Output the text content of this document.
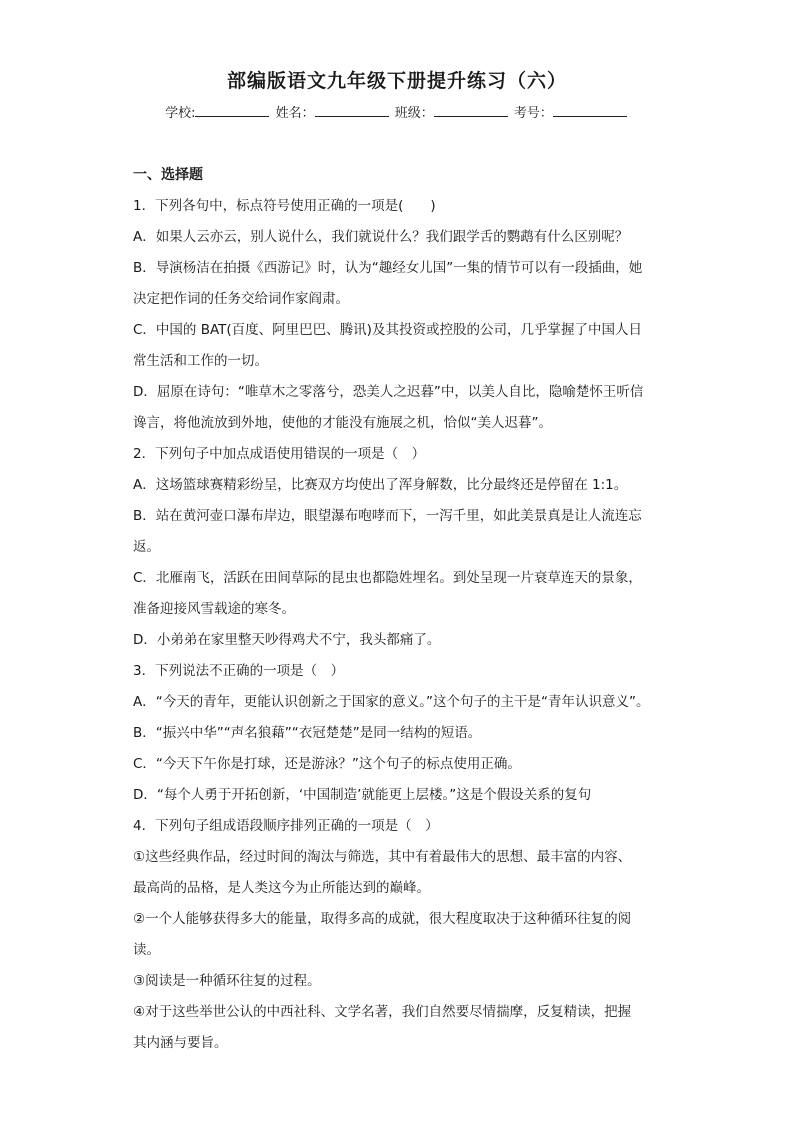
部编版语文九年级下册提升练习（六）
学校:	姓名：	班级：	考号：
一、选择题
1．下列各句中，标点符号使用正确的一项是(　　)
A．如果人云亦云，别人说什么，我们就说什么？我们跟学舌的鹦鹉有什么区别呢？
B．导演杨洁在拍摄《西游记》时，认为“趣经女儿国”一集的情节可以有一段插曲，她
决定把作词的任务交给词作家阎肃。
C．中国的 BAT(百度、阿里巴巴、腾讯)及其投资或控股的公司，几乎掌握了中国人日
常生活和工作的一切。
D．屈原在诗句：“唯草木之零落兮，恐美人之迟暮”中，以美人自比，隐喻楚怀王听信
谗言，将他流放到外地，使他的才能没有施展之机，恰似“美人迟暮”。
2．下列句子中加点成语使用错误的一项是（　）
A．这场篮球赛精彩纷呈，比赛双方均使出了浑身解数，比分最终还是停留在 1:1。
B．站在黄河壶口瀑布岸边，眼望瀑布咆哮而下，一泻千里，如此美景真是让人流连忘
返。
C．北雁南飞，活跃在田间草际的昆虫也都隐姓埋名。到处呈现一片衰草连天的景象，
准备迎接风雪载途的寒冬。
D．小弟弟在家里整天吵得鸡犬不宁，我头都痛了。
3．下列说法不正确的一项是（　）
A．“今天的青年，更能认识创新之于国家的意义。”这个句子的主干是“青年认识意义”。
B．“振兴中华”“声名狼藉”“衣冠楚楚”是同一结构的短语。
C．“今天下午你是打球，还是游泳？”这个句子的标点使用正确。
D．“每个人勇于开拓创新，‘中国制造’就能更上层楼。”这是个假设关系的复句
4．下列句子组成语段顺序排列正确的一项是（　）
①这些经典作品，经过时间的淘汰与筛选，其中有着最伟大的思想、最丰富的内容、
最高尚的品格，是人类这今为止所能达到的巅峰。
②一个人能够获得多大的能量，取得多高的成就，很大程度取决于这种循环往复的阅
读。
③阅读是一种循环往复的过程。
④对于这些举世公认的中西社科、文学名著，我们自然要尽情揣摩，反复精读，把握
其内涵与要旨。
